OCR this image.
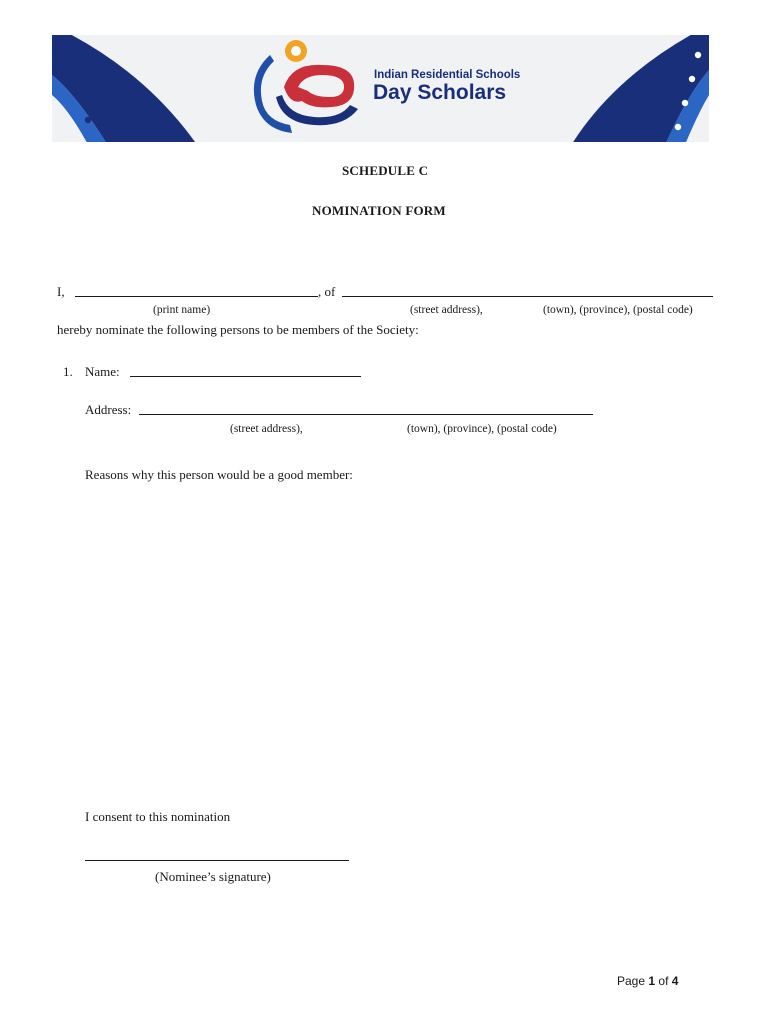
Indian Residential Schools
Day Scholars
SCHEDULE C
NOMINATION FORM
I,	, of
(print name)	(street address),	(town), (province), (postal code)
hereby nominate the following persons to be members of the Society:
1. Name:
Address:
(street address),	(town), (province), (postal code)
Reasons why this person would be a good member:
I consent to this nomination
(Nominee’s signature)
Page 1 of 4
